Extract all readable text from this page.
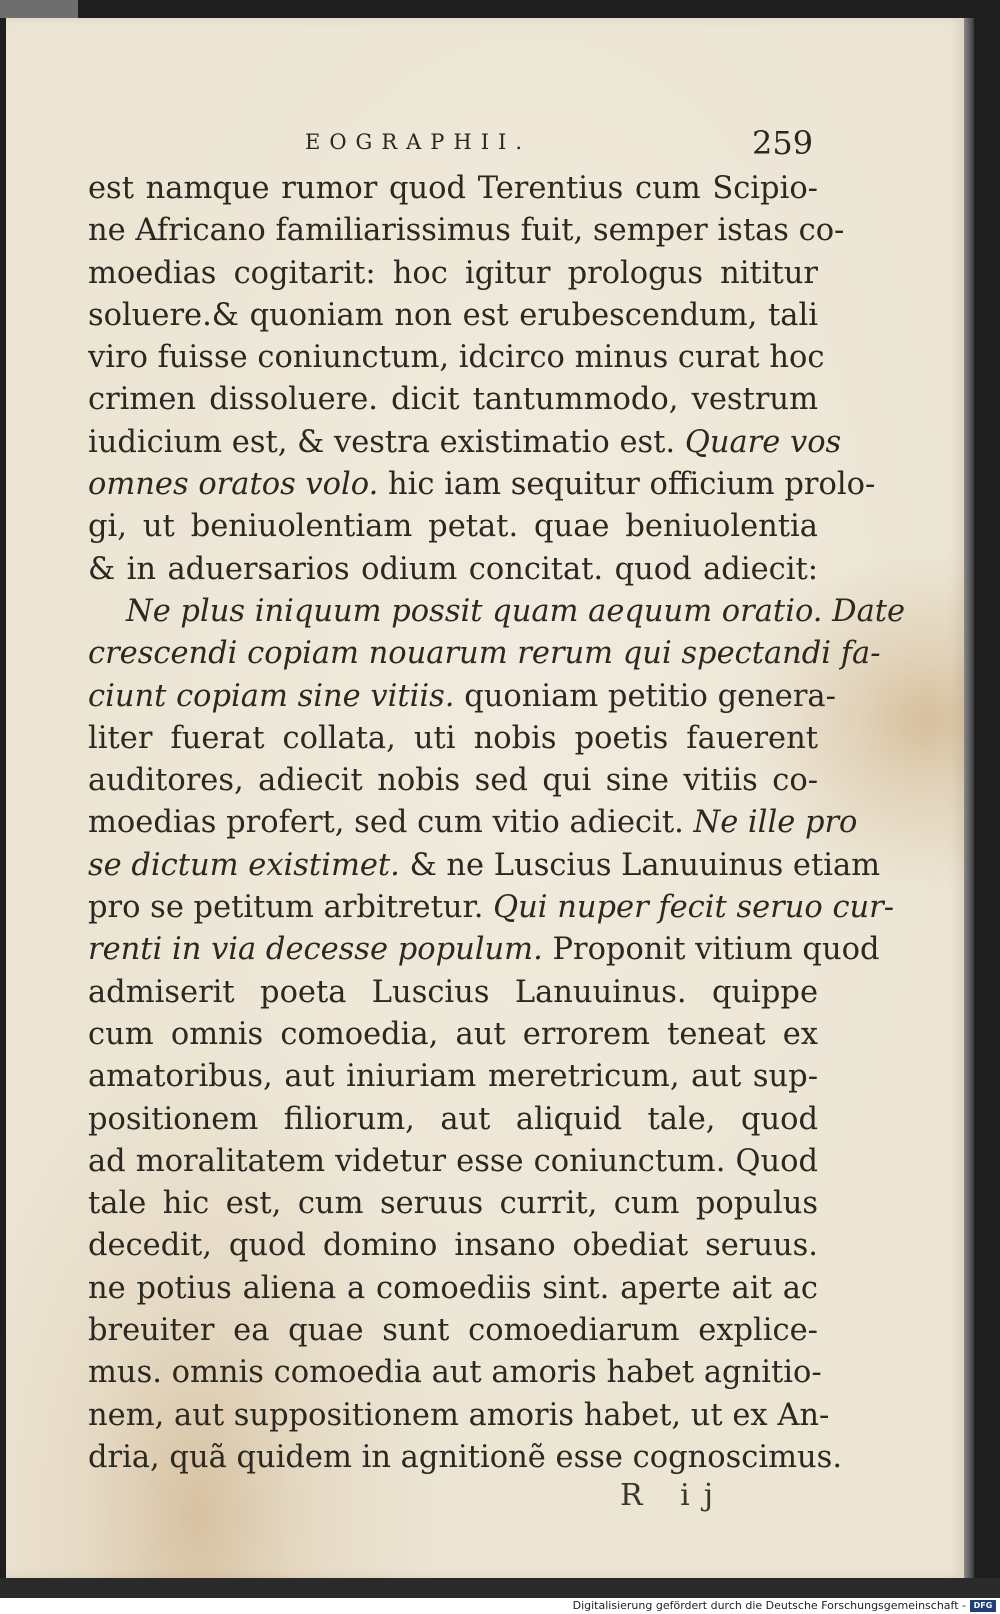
EOGRAPHII.	259
est namque rumor quod Terentius cum Scipio-
ne Africano familiarissimus fuit, semper istas co-
moedias cogitarit: hoc igitur prologus nititur
soluere.& quoniam non est erubescendum, tali
viro fuisse coniunctum, idcirco minus curat hoc
crimen dissoluere. dicit tantummodo, vestrum
iudicium est, & vestra existimatio est. Quare vos
omnes oratos volo. hic iam sequitur officium prolo-
gi, ut beniuolentiam petat. quae beniuolentia
& in aduersarios odium concitat. quod adiecit:
Ne plus iniquum possit quam aequum oratio. Date
crescendi copiam nouarum rerum qui spectandi fa-
ciunt copiam sine vitiis. quoniam petitio genera-
liter fuerat collata, uti nobis poetis fauerent
auditores, adiecit nobis sed qui sine vitiis co-
moedias profert, sed cum vitio adiecit. Ne ille pro
se dictum existimet. & ne Luscius Lanuuinus etiam
pro se petitum arbitretur. Qui nuper fecit seruo cur-
renti in via decesse populum. Proponit vitium quod
admiserit poeta Luscius Lanuuinus. quippe
cum omnis comoedia, aut errorem teneat ex
amatoribus, aut iniuriam meretricum, aut sup-
positionem filiorum, aut aliquid tale, quod
ad moralitatem videtur esse coniunctum. Quod
tale hic est, cum seruus currit, cum populus
decedit, quod domino insano obediat seruus.
ne potius aliena a comoediis sint. aperte ait ac
breuiter ea quae sunt comoediarum explice-
mus. omnis comoedia aut amoris habet agnitio-
nem, aut suppositionem amoris habet, ut ex An-
dria, quã quidem in agnitionẽ esse cognoscimus.
R ij
Digitalisierung gefördert durch die Deutsche Forschungsgemeinschaft - DFG
